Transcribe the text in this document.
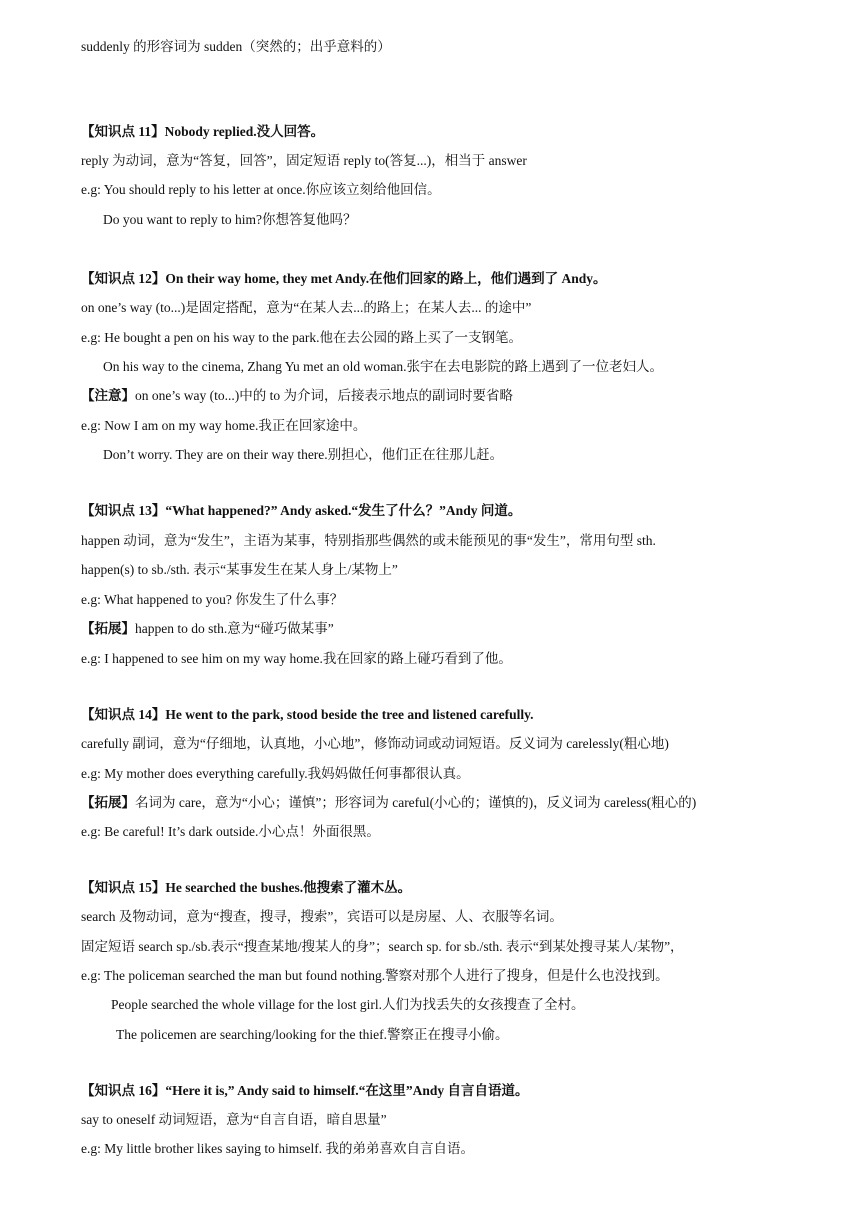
suddenly 的形容词为 sudden（突然的；出乎意料的）
【知识点 11】Nobody replied.没人回答。
reply 为动词，意为“答复，回答”，固定短语 reply to(答复...)，相当于 answer
e.g: You should reply to his letter at once.你应该立刻给他回信。
Do you want to reply to him?你想答复他吗？
【知识点 12】On their way home, they met Andy.在他们回家的路上，他们遇到了 Andy。
on one’s way (to...)是固定搭配，意为“在某人去...的路上；在某人去... 的途中”
e.g: He bought a pen on his way to the park.他在去公园的路上买了一支钢笔。
On his way to the cinema, Zhang Yu met an old woman.张宇在去电影院的路上遇到了一位老妇人。
【注意】on one’s way (to...)中的 to 为介词，后接表示地点的副词时要省略
e.g: Now I am on my way home.我正在回家途中。
Don’t worry. They are on their way there.别担心，他们正在往那儿赶。
【知识点 13】“What happened?” Andy asked.“发生了什么？”Andy 问道。
happen 动词，意为“发生”，主语为某事，特别指那些偶然的或未能预见的事“发生”，常用句型 sth.
happen(s) to sb./sth. 表示“某事发生在某人身上/某物上”
e.g: What happened to you? 你发生了什么事？
【拓展】happen to do sth.意为“碰巧做某事”
e.g: I happened to see him on my way home.我在回家的路上碰巧看到了他。
【知识点 14】He went to the park, stood beside the tree and listened carefully.
carefully 副词，意为“仔细地，认真地，小心地”，修饰动词或动词短语。反义词为 carelessly(粗心地)
e.g: My mother does everything carefully.我妈妈做任何事都很认真。
【拓展】名词为 care，意为“小心；谨慎”；形容词为 careful(小心的；谨慎的)，反义词为 careless(粗心的)
e.g: Be careful! It’s dark outside.小心点！外面很黑。
【知识点 15】He searched the bushes.他搜索了灌木丛。
search 及物动词，意为“搜查，搜寻，搜索”，宾语可以是房屋、人、衣服等名词。
固定短语 search sp./sb.表示“搜查某地/搜某人的身”；search sp. for sb./sth. 表示“到某处搜寻某人/某物”，
e.g: The policeman searched the man but found nothing.警察对那个人进行了搜身，但是什么也没找到。
People searched the whole village for the lost girl.人们为找丢失的女孩搜查了全村。
The policemen are searching/looking for the thief.警察正在搜寻小偷。
【知识点 16】“Here it is,” Andy said to himself.“在这里”Andy 自言自语道。
say to oneself 动词短语，意为“自言自语，暗自思量”
e.g: My little brother likes saying to himself. 我的弟弟喜欢自言自语。
